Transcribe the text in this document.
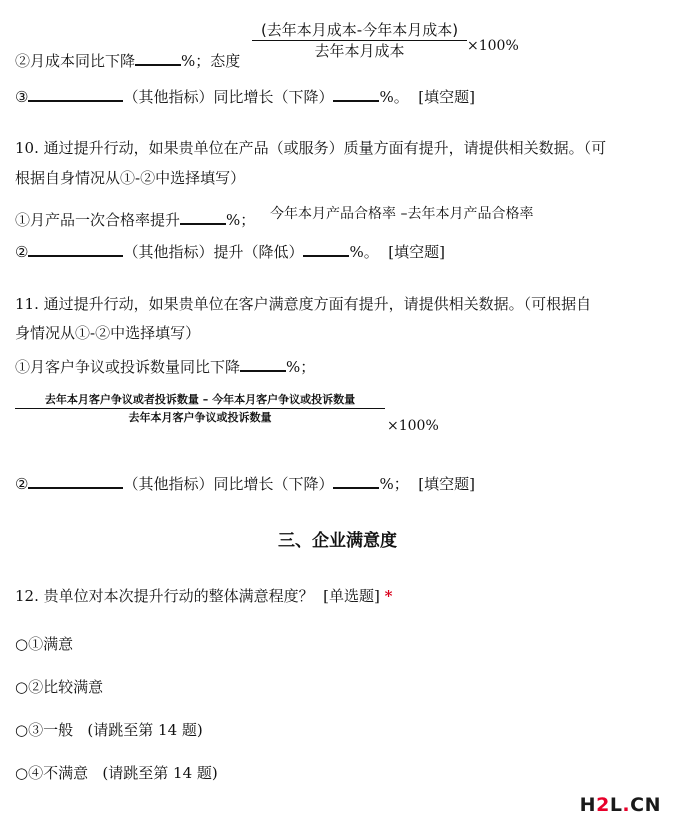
(去年本月成本-今年本月成本)
去年本月成本	×100%
②月成本同比下降	%；态度
③	（其他指标）同比增长（下降）	%。 [填空题]
10. 通过提升行动，如果贵单位在产品（或服务）质量方面有提升，请提供相关数据。（可
根据自身情况从①-②中选择填写）
①月产品一次合格率提升	%； 今年本月产品合格率 –去年本月产品合格率
②	（其他指标）提升（降低）	%。 [填空题]
11. 通过提升行动，如果贵单位在客户满意度方面有提升，请提供相关数据。（可根据自
身情况从①-②中选择填写）
①月客户争议或投诉数量同比下降	%；
去年本月客户争议或者投诉数量 – 今年本月客户争议或投诉数量
去年本月客户争议或投诉数量
×100%
②	（其他指标）同比增长（下降）	%； [填空题]
三、企业满意度
12. 贵单位对本次提升行动的整体满意程度？ [单选题] *
○①满意
○②比较满意
○③一般 (请跳至第 14 题)
○④不满意 (请跳至第 14 题)
H2L.CN
